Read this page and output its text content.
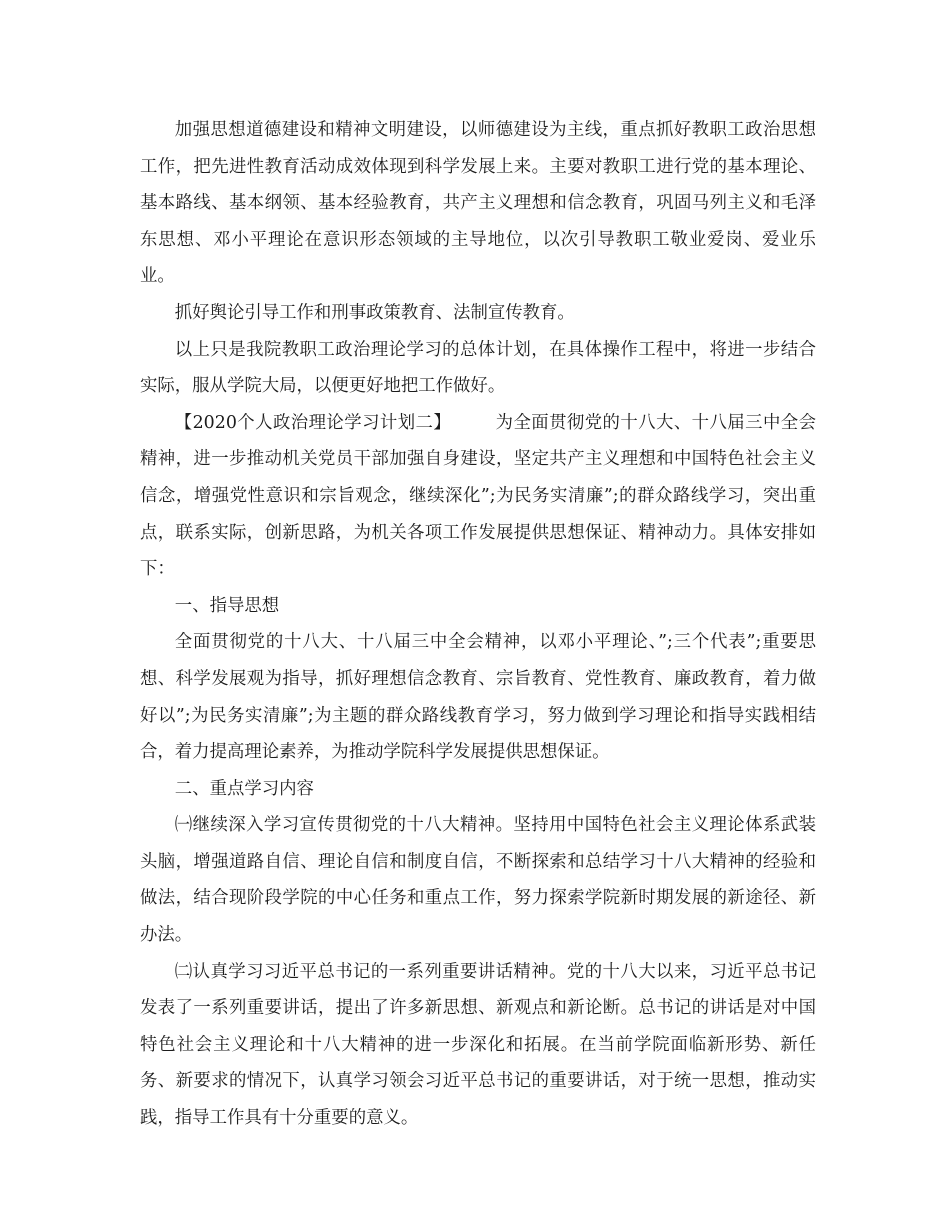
加强思想道德建设和精神文明建设，以师德建设为主线，重点抓好教职工政治思想工作，把先进性教育活动成效体现到科学发展上来。主要对教职工进行党的基本理论、基本路线、基本纲领、基本经验教育，共产主义理想和信念教育，巩固马列主义和毛泽东思想、邓小平理论在意识形态领域的主导地位，以次引导教职工敬业爱岗、爱业乐业。

抓好舆论引导工作和刑事政策教育、法制宣传教育。

以上只是我院教职工政治理论学习的总体计划，在具体操作工程中，将进一步结合实际，服从学院大局，以便更好地把工作做好。

【2020个人政治理论学习计划二】	为全面贯彻党的十八大、十八届三中全会精神，进一步推动机关党员干部加强自身建设，坚定共产主义理想和中国特色社会主义信念，增强党性意识和宗旨观念，继续深化”;为民务实清廉”;的群众路线学习，突出重点，联系实际，创新思路，为机关各项工作发展提供思想保证、精神动力。具体安排如下：

一、指导思想

全面贯彻党的十八大、十八届三中全会精神，以邓小平理论、”;三个代表”;重要思想、科学发展观为指导，抓好理想信念教育、宗旨教育、党性教育、廉政教育，着力做好以”;为民务实清廉”;为主题的群众路线教育学习，努力做到学习理论和指导实践相结合，着力提高理论素养，为推动学院科学发展提供思想保证。

二、重点学习内容

㈠继续深入学习宣传贯彻党的十八大精神。坚持用中国特色社会主义理论体系武装头脑，增强道路自信、理论自信和制度自信，不断探索和总结学习十八大精神的经验和做法，结合现阶段学院的中心任务和重点工作，努力探索学院新时期发展的新途径、新办法。

㈡认真学习习近平总书记的一系列重要讲话精神。党的十八大以来，习近平总书记发表了一系列重要讲话，提出了许多新思想、新观点和新论断。总书记的讲话是对中国特色社会主义理论和十八大精神的进一步深化和拓展。在当前学院面临新形势、新任务、新要求的情况下，认真学习领会习近平总书记的重要讲话，对于统一思想，推动实践，指导工作具有十分重要的意义。
